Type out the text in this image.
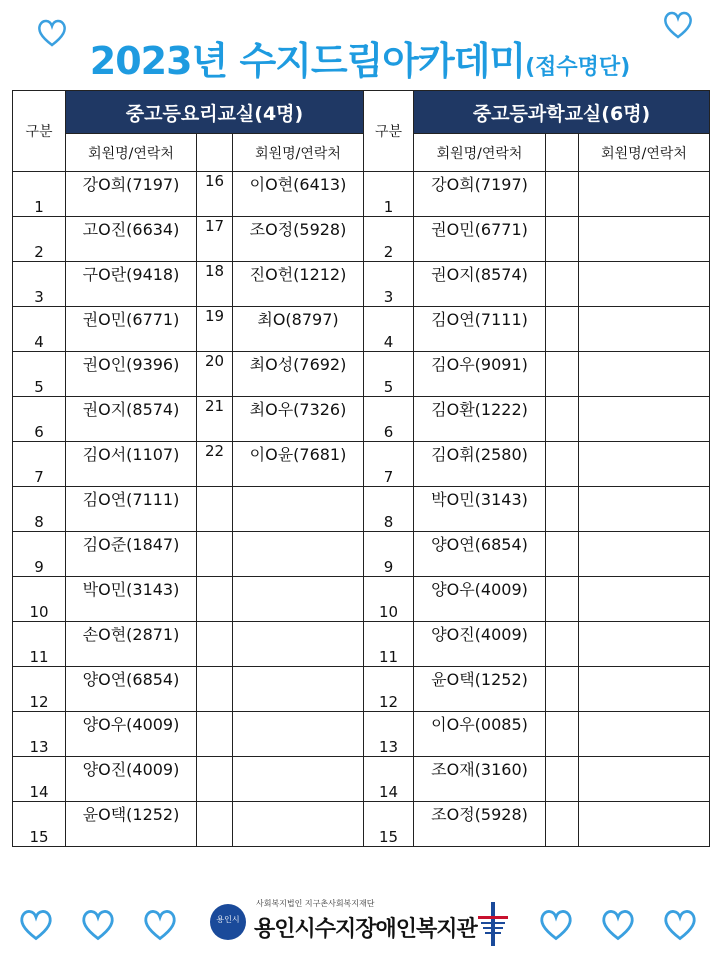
2023년 수지드림아카데미(접수명단)
구분	중고등요리교실(4명)			구분	중고등과학교실(6명)		
	회원명/연락처		회원명/연락처		회원명/연락처		회원명/연락처
1	강O희(7197)	16	이O현(6413)	1	강O희(7197)		
2	고O진(6634)	17	조O정(5928)	2	권O민(6771)		
3	구O란(9418)	18	진O헌(1212)	3	권O지(8574)		
4	권O민(6771)	19	최O(8797)	4	김O연(7111)		
5	권O인(9396)	20	최O성(7692)	5	김O우(9091)		
6	권O지(8574)	21	최O우(7326)	6	김O환(1222)		
7	김O서(1107)	22	이O윤(7681)	7	김O휘(2580)		
8	김O연(7111)			8	박O민(3143)		
9	김O준(1847)			9	양O연(6854)		
10	박O민(3143)			10	양O우(4009)		
11	손O현(2871)			11	양O진(4009)		
12	양O연(6854)			12	윤O택(1252)		
13	양O우(4009)			13	이O우(0085)		
14	양O진(4009)			14	조O재(3160)		
15	윤O택(1252)			15	조O정(5928)		
용인시
사회복지법인 지구촌사회복지재단
용인시수지장애인복지관
